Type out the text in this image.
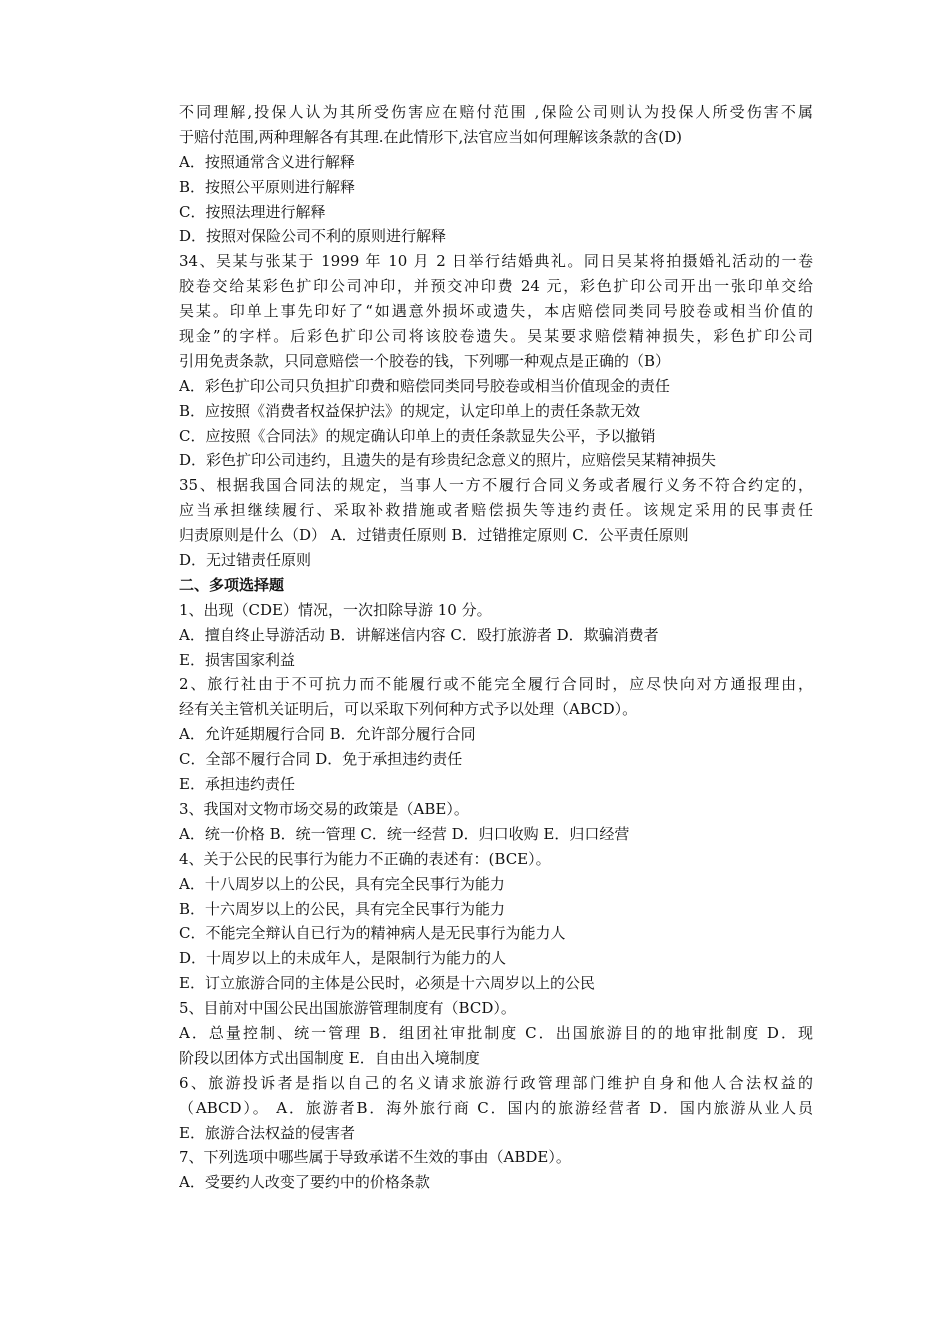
不同理解,投保人认为其所受伤害应在赔付范围 ,保险公司则认为投保人所受伤害不属
于赔付范围,两种理解各有其理.在此情形下,法官应当如何理解该条款的含(D)
A．按照通常含义进行解释
B．按照公平原则进行解释
C．按照法理进行解释
D．按照对保险公司不利的原则进行解释
34、吴某与张某于 1999 年 10 月 2 日举行结婚典礼。同日吴某将拍摄婚礼活动的一卷
胶卷交给某彩色扩印公司冲印，并预交冲印费 24 元，彩色扩印公司开出一张印单交给
吴某。印单上事先印好了“如遇意外损坏或遗失，本店赔偿同类同号胶卷或相当价值的
现金”的字样。后彩色扩印公司将该胶卷遗失。吴某要求赔偿精神损失，彩色扩印公司
引用免责条款，只同意赔偿一个胶卷的钱，下列哪一种观点是正确的（B）
A．彩色扩印公司只负担扩印费和赔偿同类同号胶卷或相当价值现金的责任
B．应按照《消费者权益保护法》的规定，认定印单上的责任条款无效
C．应按照《合同法》的规定确认印单上的责任条款显失公平，予以撤销
D．彩色扩印公司违约，且遗失的是有珍贵纪念意义的照片，应赔偿吴某精神损失
35、根据我国合同法的规定，当事人一方不履行合同义务或者履行义务不符合约定的，
应当承担继续履行、采取补救措施或者赔偿损失等违约责任。该规定采用的民事责任
归责原则是什么（D） A．过错责任原则 B．过错推定原则 C．公平责任原则
D．无过错责任原则
二、多项选择题
1、出现（CDE）情况，一次扣除导游 10 分。
A．擅自终止导游活动 B．讲解迷信内容 C．殴打旅游者 D．欺骗消费者
E．损害国家利益
2、旅行社由于不可抗力而不能履行或不能完全履行合同时，应尽快向对方通报理由，
经有关主管机关证明后，可以采取下列何种方式予以处理（ABCD）。
A．允许延期履行合同 B．允许部分履行合同
C．全部不履行合同 D．免于承担违约责任
E．承担违约责任
3、我国对文物市场交易的政策是（ABE）。
A．统一价格 B．统一管理 C．统一经营 D．归口收购 E．归口经营
4、关于公民的民事行为能力不正确的表述有：(BCE）。
A．十八周岁以上的公民，具有完全民事行为能力
B．十六周岁以上的公民，具有完全民事行为能力
C．不能完全辩认自已行为的精神病人是无民事行为能力人
D．十周岁以上的未成年人，是限制行为能力的人
E．订立旅游合同的主体是公民时，必须是十六周岁以上的公民
5、目前对中国公民出国旅游管理制度有（BCD）。
A．总量控制、统一管理 B．组团社审批制度 C．出国旅游目的的地审批制度 D．现
阶段以团体方式出国制度 E．自由出入境制度
6、旅游投诉者是指以自己的名义请求旅游行政管理部门维护自身和他人合法权益的
（ABCD）。 A．旅游者B．海外旅行商 C．国内的旅游经营者 D．国内旅游从业人员
E．旅游合法权益的侵害者
7、下列选项中哪些属于导致承诺不生效的事由（ABDE）。
A．受要约人改变了要约中的价格条款
